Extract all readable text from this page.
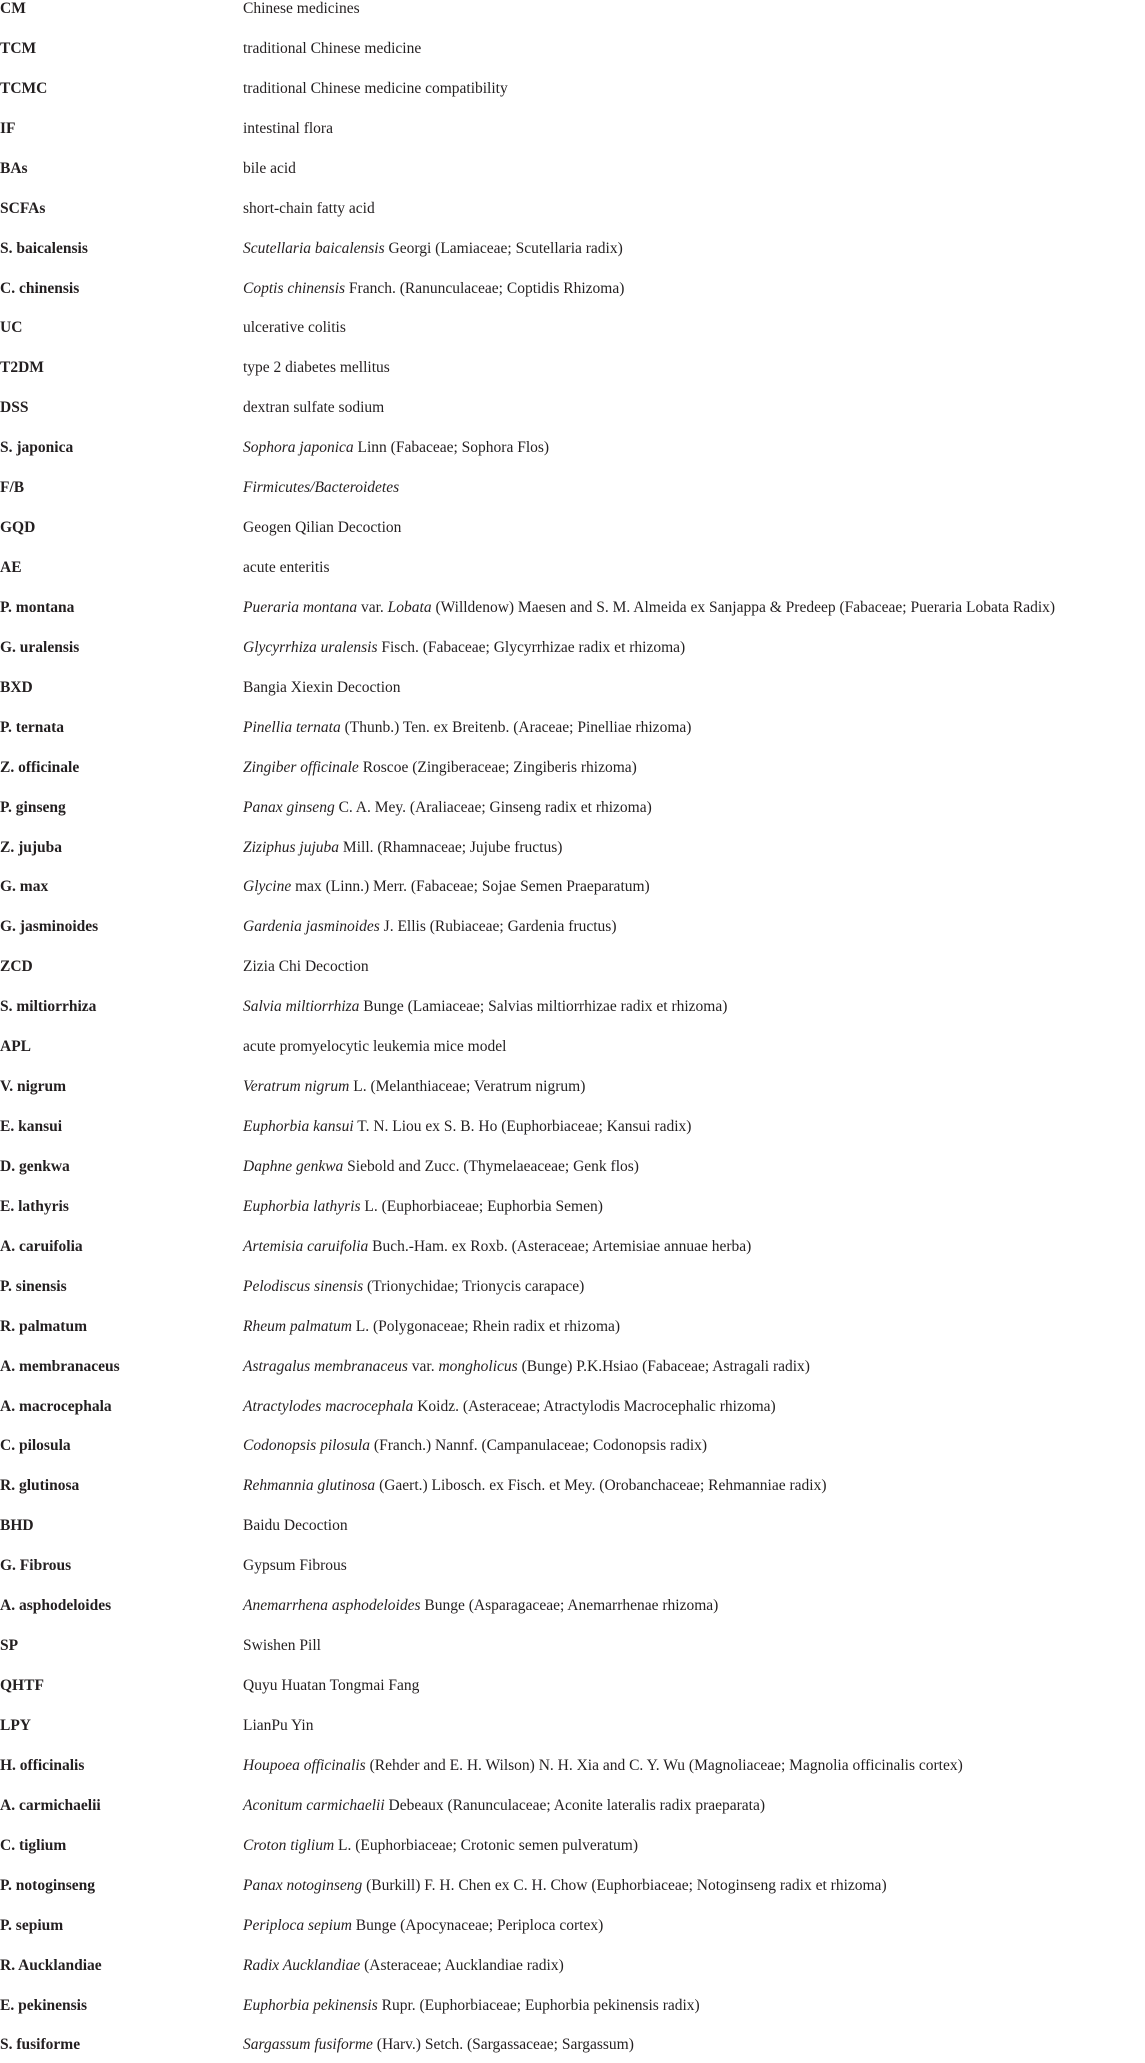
CM	Chinese medicines
TCM	traditional Chinese medicine
TCMC	traditional Chinese medicine compatibility
IF	intestinal flora
BAs	bile acid
SCFAs	short-chain fatty acid
S. baicalensis	Scutellaria baicalensis Georgi (Lamiaceae; Scutellaria radix)
C. chinensis	Coptis chinensis Franch. (Ranunculaceae; Coptidis Rhizoma)
UC	ulcerative colitis
T2DM	type 2 diabetes mellitus
DSS	dextran sulfate sodium
S. japonica	Sophora japonica Linn (Fabaceae; Sophora Flos)
F/B	Firmicutes/Bacteroidetes
GQD	Geogen Qilian Decoction
AE	acute enteritis
P. montana	Pueraria montana var. Lobata (Willdenow) Maesen and S. M. Almeida ex Sanjappa & Predeep (Fabaceae; Pueraria Lobata Radix)
G. uralensis	Glycyrrhiza uralensis Fisch. (Fabaceae; Glycyrrhizae radix et rhizoma)
BXD	Bangia Xiexin Decoction
P. ternata	Pinellia ternata (Thunb.) Ten. ex Breitenb. (Araceae; Pinelliae rhizoma)
Z. officinale	Zingiber officinale Roscoe (Zingiberaceae; Zingiberis rhizoma)
P. ginseng	Panax ginseng C. A. Mey. (Araliaceae; Ginseng radix et rhizoma)
Z. jujuba	Ziziphus jujuba Mill. (Rhamnaceae; Jujube fructus)
G. max	Glycine max (Linn.) Merr. (Fabaceae; Sojae Semen Praeparatum)
G. jasminoides	Gardenia jasminoides J. Ellis (Rubiaceae; Gardenia fructus)
ZCD	Zizia Chi Decoction
S. miltiorrhiza	Salvia miltiorrhiza Bunge (Lamiaceae; Salvias miltiorrhizae radix et rhizoma)
APL	acute promyelocytic leukemia mice model
V. nigrum	Veratrum nigrum L. (Melanthiaceae; Veratrum nigrum)
E. kansui	Euphorbia kansui T. N. Liou ex S. B. Ho (Euphorbiaceae; Kansui radix)
D. genkwa	Daphne genkwa Siebold and Zucc. (Thymelaeaceae; Genk flos)
E. lathyris	Euphorbia lathyris L. (Euphorbiaceae; Euphorbia Semen)
A. caruifolia	Artemisia caruifolia Buch.-Ham. ex Roxb. (Asteraceae; Artemisiae annuae herba)
P. sinensis	Pelodiscus sinensis (Trionychidae; Trionycis carapace)
R. palmatum	Rheum palmatum L. (Polygonaceae; Rhein radix et rhizoma)
A. membranaceus	Astragalus membranaceus var. mongholicus (Bunge) P.K.Hsiao (Fabaceae; Astragali radix)
A. macrocephala	Atractylodes macrocephala Koidz. (Asteraceae; Atractylodis Macrocephalic rhizoma)
C. pilosula	Codonopsis pilosula (Franch.) Nannf. (Campanulaceae; Codonopsis radix)
R. glutinosa	Rehmannia glutinosa (Gaert.) Libosch. ex Fisch. et Mey. (Orobanchaceae; Rehmanniae radix)
BHD	Baidu Decoction
G. Fibrous	Gypsum Fibrous
A. asphodeloides	Anemarrhena asphodeloides Bunge (Asparagaceae; Anemarrhenae rhizoma)
SP	Swishen Pill
QHTF	Quyu Huatan Tongmai Fang
LPY	LianPu Yin
H. officinalis	Houpoea officinalis (Rehder and E. H. Wilson) N. H. Xia and C. Y. Wu (Magnoliaceae; Magnolia officinalis cortex)
A. carmichaelii	Aconitum carmichaelii Debeaux (Ranunculaceae; Aconite lateralis radix praeparata)
C. tiglium	Croton tiglium L. (Euphorbiaceae; Crotonic semen pulveratum)
P. notoginseng	Panax notoginseng (Burkill) F. H. Chen ex C. H. Chow (Euphorbiaceae; Notoginseng radix et rhizoma)
P. sepium	Periploca sepium Bunge (Apocynaceae; Periploca cortex)
R. Aucklandiae	Radix Aucklandiae (Asteraceae; Aucklandiae radix)
E. pekinensis	Euphorbia pekinensis Rupr. (Euphorbiaceae; Euphorbia pekinensis radix)
S. fusiforme	Sargassum fusiforme (Harv.) Setch. (Sargassaceae; Sargassum)
